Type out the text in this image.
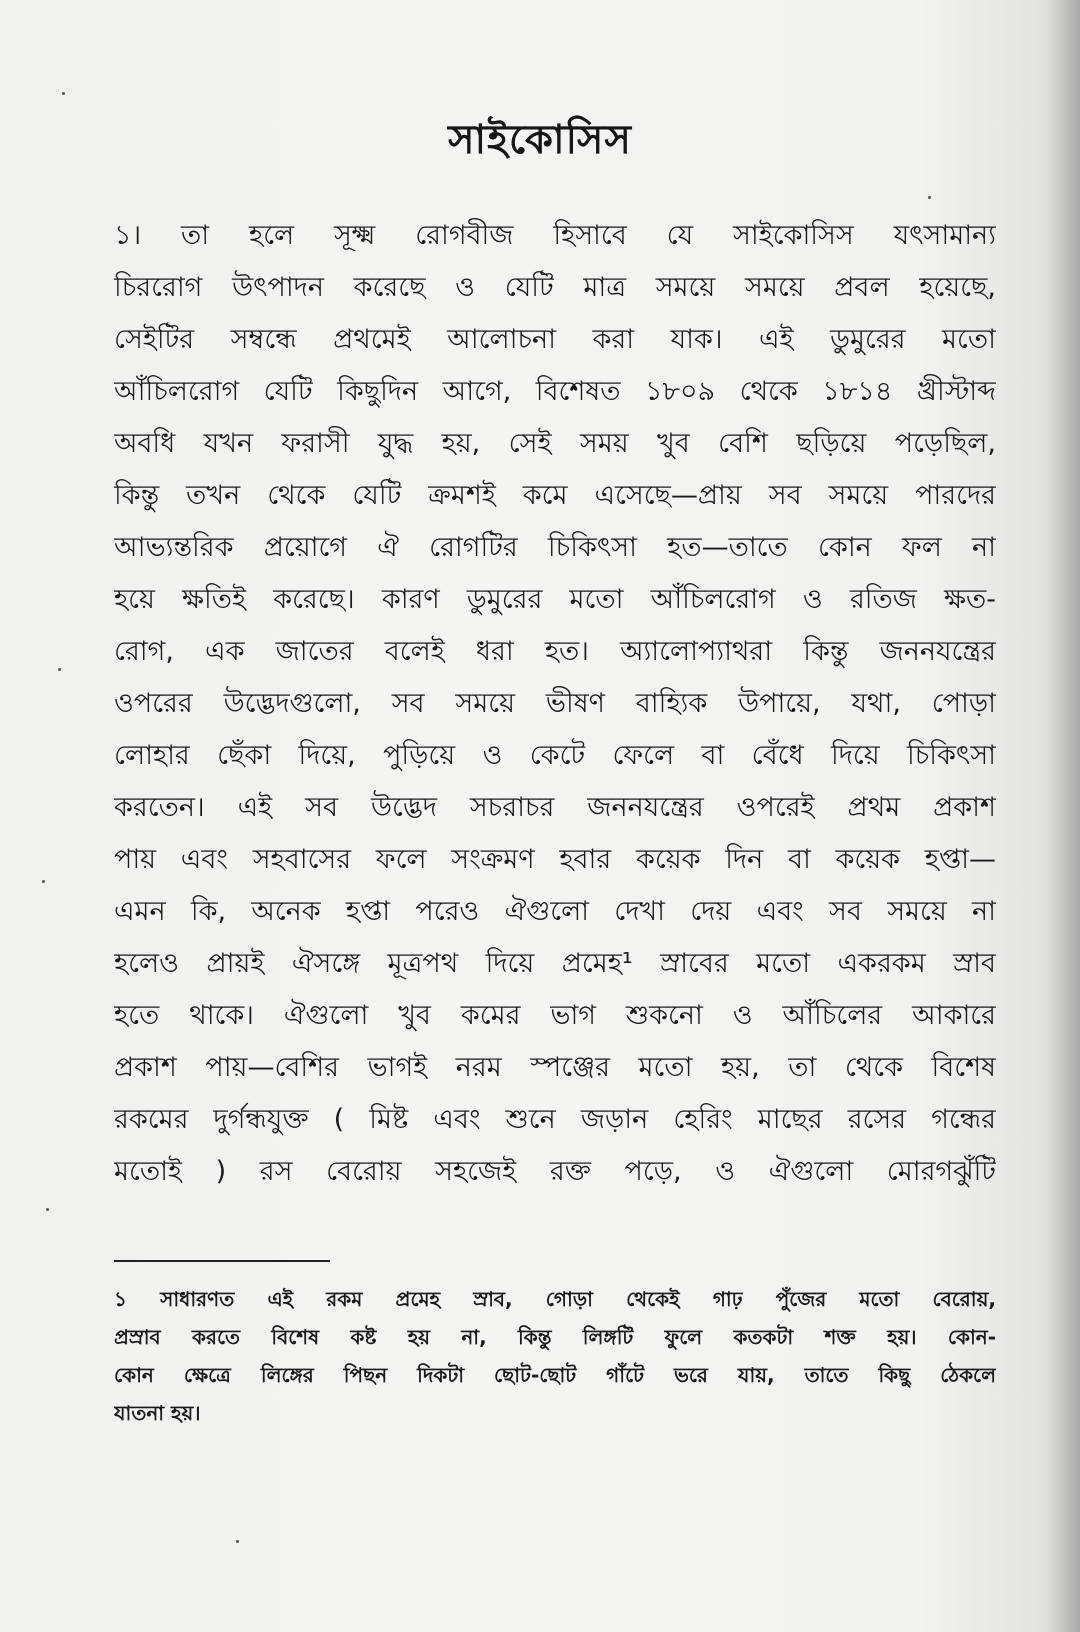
সাইকোসিস
১। তা হলে সূক্ষ্ম রোগবীজ হিসাবে যে সাইকোসিস যৎসামান্য
চিররোগ উৎপাদন করেছে ও যেটি মাত্র সময়ে সময়ে প্রবল হয়েছে,
সেইটির সম্বন্ধে প্রথমেই আলোচনা করা যাক। এই ডুমুরের মতো
আঁচিলরোগ যেটি কিছুদিন আগে, বিশেষত ১৮০৯ থেকে ১৮১৪ খ্রীস্টাব্দ
অবধি যখন ফরাসী যুদ্ধ হয়, সেই সময় খুব বেশি ছড়িয়ে পড়েছিল,
কিন্তু তখন থেকে যেটি ক্রমশই কমে এসেছে—প্রায় সব সময়ে পারদের
আভ্যন্তরিক প্রয়োগে ঐ রোগটির চিকিৎসা হত—তাতে কোন ফল না
হয়ে ক্ষতিই করেছে। কারণ ডুমুরের মতো আঁচিলরোগ ও রতিজ ক্ষত-
রোগ, এক জাতের বলেই ধরা হত। অ্যালোপ্যাথরা কিন্তু জননযন্ত্রের
ওপরের উদ্ভেদগুলো, সব সময়ে ভীষণ বাহ্যিক উপায়ে, যথা, পোড়া
লোহার ছেঁকা দিয়ে, পুড়িয়ে ও কেটে ফেলে বা বেঁধে দিয়ে চিকিৎসা
করতেন। এই সব উদ্ভেদ সচরাচর জননযন্ত্রের ওপরেই প্রথম প্রকাশ
পায় এবং সহবাসের ফলে সংক্রমণ হবার কয়েক দিন বা কয়েক হপ্তা—
এমন কি, অনেক হপ্তা পরেও ঐগুলো দেখা দেয় এবং সব সময়ে না
হলেও প্রায়ই ঐসঙ্গে মূত্রপথ দিয়ে প্রমেহ¹ স্রাবের মতো একরকম স্রাব
হতে থাকে। ঐগুলো খুব কমের ভাগ শুকনো ও আঁচিলের আকারে
প্রকাশ পায়—বেশির ভাগই নরম স্পঞ্জের মতো হয়, তা থেকে বিশেষ
রকমের দুর্গন্ধযুক্ত ( মিষ্ট এবং শুনে জড়ান হেরিং মাছের রসের গন্ধের
মতোই ) রস বেরোয় সহজেই রক্ত পড়ে, ও ঐগুলো মোরগঝুঁটি
১ সাধারণত এই রকম প্রমেহ স্রাব, গোড়া থেকেই গাঢ় পুঁজের মতো বেরোয়,
প্রস্রাব করতে বিশেষ কষ্ট হয় না, কিন্তু লিঙ্গটি ফুলে কতকটা শক্ত হয়। কোন-
কোন ক্ষেত্রে লিঙ্গের পিছন দিকটা ছোট-ছোট গাঁটে ভরে যায়, তাতে কিছু ঠেকলে
যাতনা হয়।
